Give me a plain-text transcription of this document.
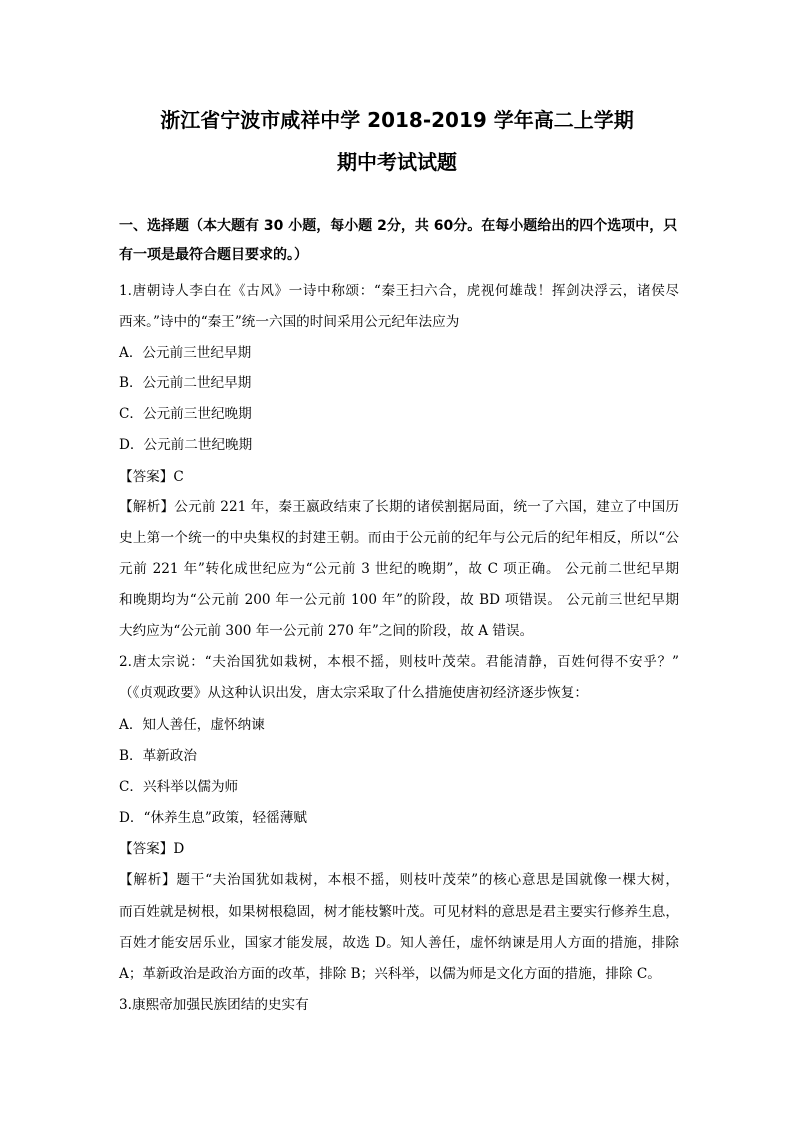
浙江省宁波市咸祥中学 2018-2019 学年高二上学期
期中考试试题
一、选择题（本大题有 30 小题，每小题 2分，共 60分。在每小题给出的四个选项中，只
有一项是最符合题目要求的。）
1.唐朝诗人李白在《古风》一诗中称颂：“秦王扫六合，虎视何雄哉！挥剑决浮云，诸侯尽
西来。”诗中的“秦王”统一六国的时间采用公元纪年法应为
A．公元前三世纪早期
B．公元前二世纪早期
C．公元前三世纪晚期
D．公元前二世纪晚期
【答案】C
【解析】公元前 221 年，秦王嬴政结束了长期的诸侯割据局面，统一了六国，建立了中国历
史上第一个统一的中央集权的封建王朝。而由于公元前的纪年与公元后的纪年相反，所以“公
元前 221 年”转化成世纪应为“公元前 3 世纪的晚期”，故 C 项正确。 公元前二世纪早期
和晚期均为“公元前 200 年一公元前 100 年”的阶段，故 BD 项错误。 公元前三世纪早期
大约应为“公元前 300 年一公元前 270 年”之间的阶段，故 A 错误。
2.唐太宗说：“夫治国犹如栽树，本根不摇，则枝叶茂荣。君能清静，百姓何得不安乎？”
（《贞观政要》从这种认识出发，唐太宗采取了什么措施使唐初经济逐步恢复：
A．知人善任，虚怀纳谏
B．革新政治
C．兴科举以儒为师
D．“休养生息”政策，轻徭薄赋
【答案】D
【解析】题干“夫治国犹如栽树，本根不摇，则枝叶茂荣”的核心意思是国就像一棵大树，
而百姓就是树根，如果树根稳固，树才能枝繁叶茂。可见材料的意思是君主要实行修养生息，
百姓才能安居乐业，国家才能发展，故选 D。知人善任，虚怀纳谏是用人方面的措施，排除
A；革新政治是政治方面的改革，排除 B；兴科举，以儒为师是文化方面的措施，排除 C。
3.康熙帝加强民族团结的史实有
